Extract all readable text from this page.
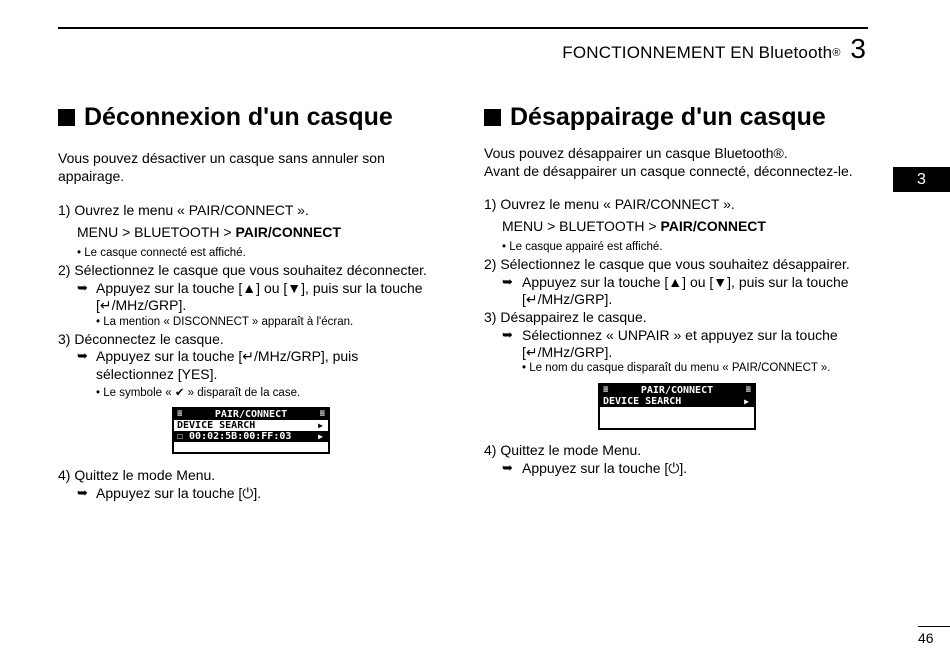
FONCTIONNEMENT EN
Bluetooth® 3
3
Déconnexion d'un casque
Vous pouvez désactiver un casque sans annuler son
appairage.
1) Ouvrez le menu « PAIR/CONNECT ».
MENU > BLUETOOTH > PAIR/CONNECT
• Le casque connecté est affiché.
2) Sélectionnez le casque que vous souhaitez déconnecter.
➥ Appuyez sur la touche [▲] ou [▼], puis sur la touche
[↵/MHz/GRP].
• La mention « DISCONNECT » apparaît à l'écran.
3) Déconnectez le casque.
➥ Appuyez sur la touche [↵/MHz/GRP], puis
sélectionnez [YES].
• Le symbole « ✔ » disparaît de la case.
≡	PAIR/CONNECT	≡
DEVICE SEARCH	▶
☐ 00:02:5B:00:FF:03	▶
4) Quittez le mode Menu.
➥ Appuyez sur la touche [⏻].
Désappairage d'un casque
Vous pouvez désappairer un casque Bluetooth®.
Avant de désappairer un casque connecté, déconnectez-le.
1) Ouvrez le menu « PAIR/CONNECT ».
MENU > BLUETOOTH > PAIR/CONNECT
• Le casque appairé est affiché.
2) Sélectionnez le casque que vous souhaitez désappairer.
➥ Appuyez sur la touche [▲] ou [▼], puis sur la touche
[↵/MHz/GRP].
3) Désappairez le casque.
➥ Sélectionnez « UNPAIR » et appuyez sur la touche
[↵/MHz/GRP].
• Le nom du casque disparaît du menu « PAIR/CONNECT ».
≡	PAIR/CONNECT	≡
DEVICE SEARCH	▶
4) Quittez le mode Menu.
➥ Appuyez sur la touche [⏻].
46
